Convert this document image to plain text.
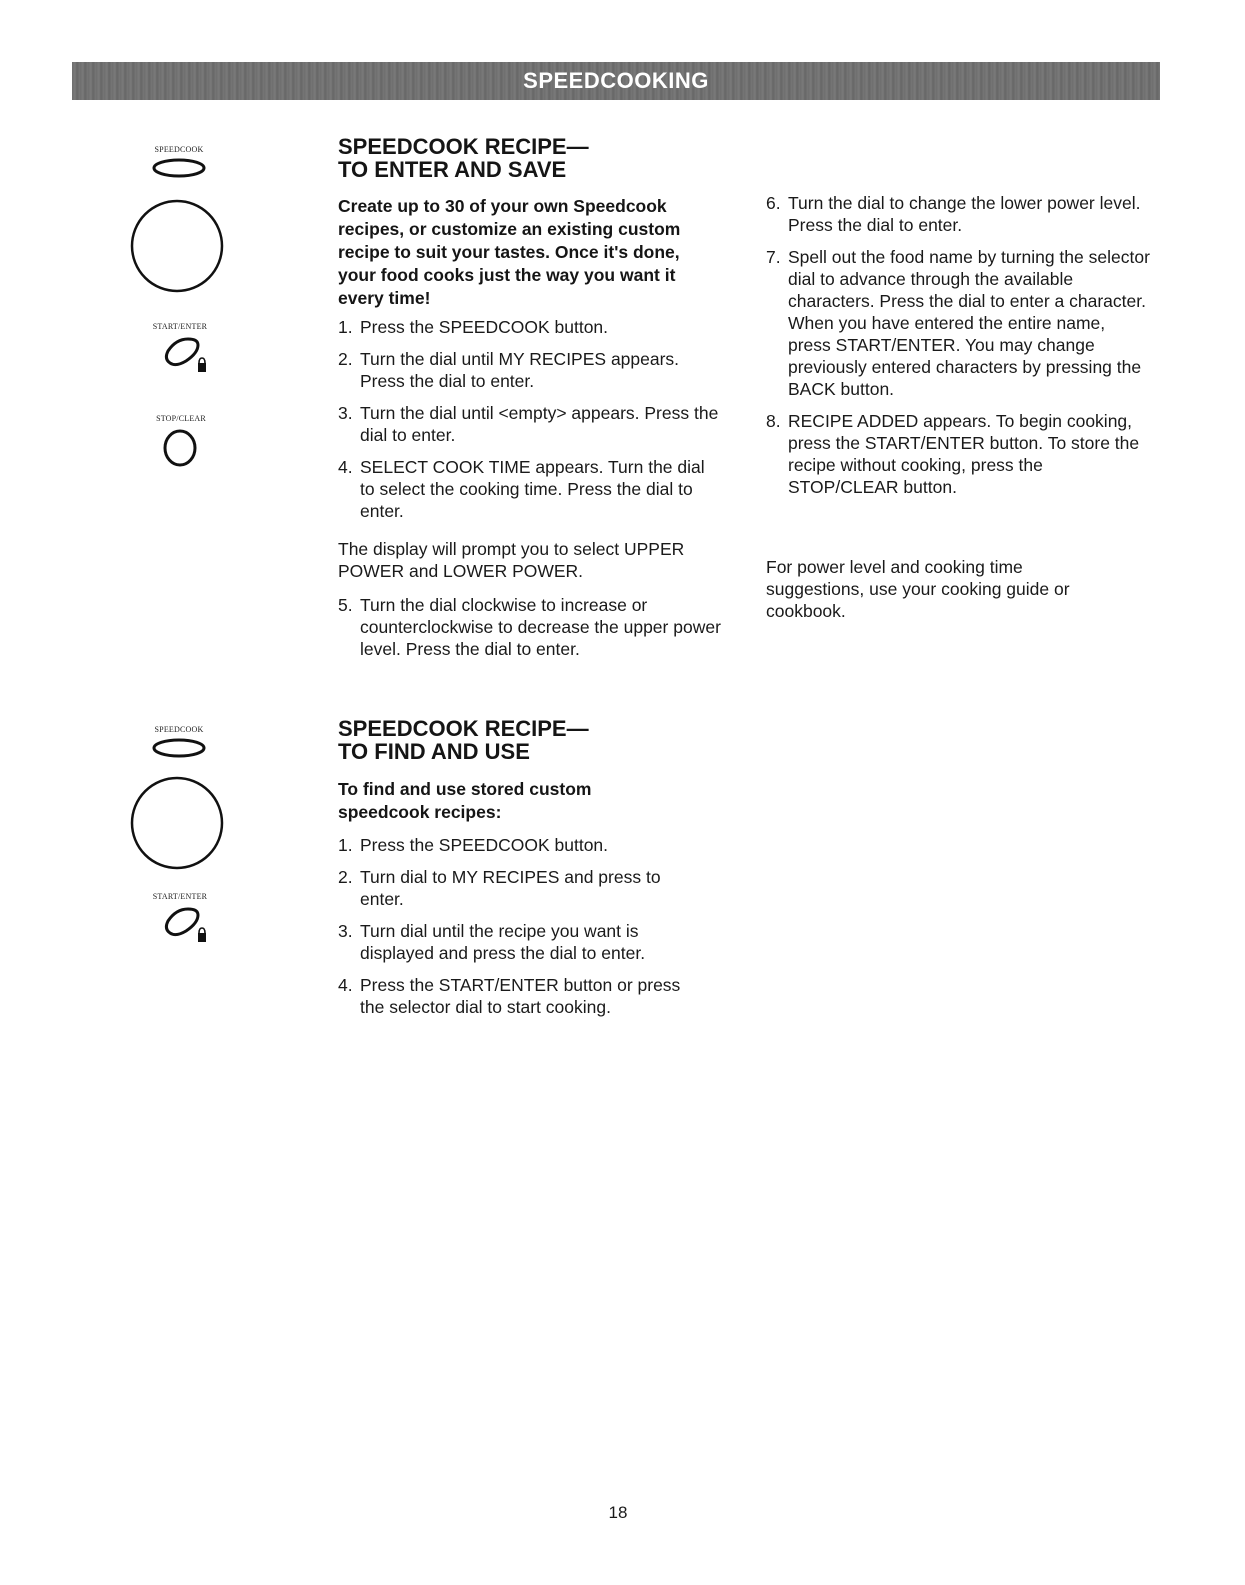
SPEEDCOOKING
SPEEDCOOK
START/ENTER
STOP/CLEAR
SPEEDCOOK RECIPE—
TO ENTER AND SAVE

Create up to 30 of your own Speedcook recipes, or customize an existing custom recipe to suit your tastes. Once it's done, your food cooks just the way you want it every time!

1. Press the SPEEDCOOK button.
2. Turn the dial until MY RECIPES appears. Press the dial to enter.
3. Turn the dial until <empty> appears. Press the dial to enter.
4. SELECT COOK TIME appears. Turn the dial to select the cooking time. Press the dial to enter.

The display will prompt you to select UPPER POWER and LOWER POWER.

5. Turn the dial clockwise to increase or counterclockwise to decrease the upper power level. Press the dial to enter.
6. Turn the dial to change the lower power level. Press the dial to enter.
7. Spell out the food name by turning the selector dial to advance through the available characters. Press the dial to enter a character. When you have entered the entire name, press START/ENTER. You may change previously entered characters by pressing the BACK button.
8. RECIPE ADDED appears. To begin cooking, press the START/ENTER button. To store the recipe without cooking, press the STOP/CLEAR button.

For power level and cooking time suggestions, use your cooking guide or cookbook.

SPEEDCOOK
START/ENTER
SPEEDCOOK RECIPE—
TO FIND AND USE

To find and use stored custom speedcook recipes:

1. Press the SPEEDCOOK button.
2. Turn dial to MY RECIPES and press to enter.
3. Turn dial until the recipe you want is displayed and press the dial to enter.
4. Press the START/ENTER button or press the selector dial to start cooking.
18
